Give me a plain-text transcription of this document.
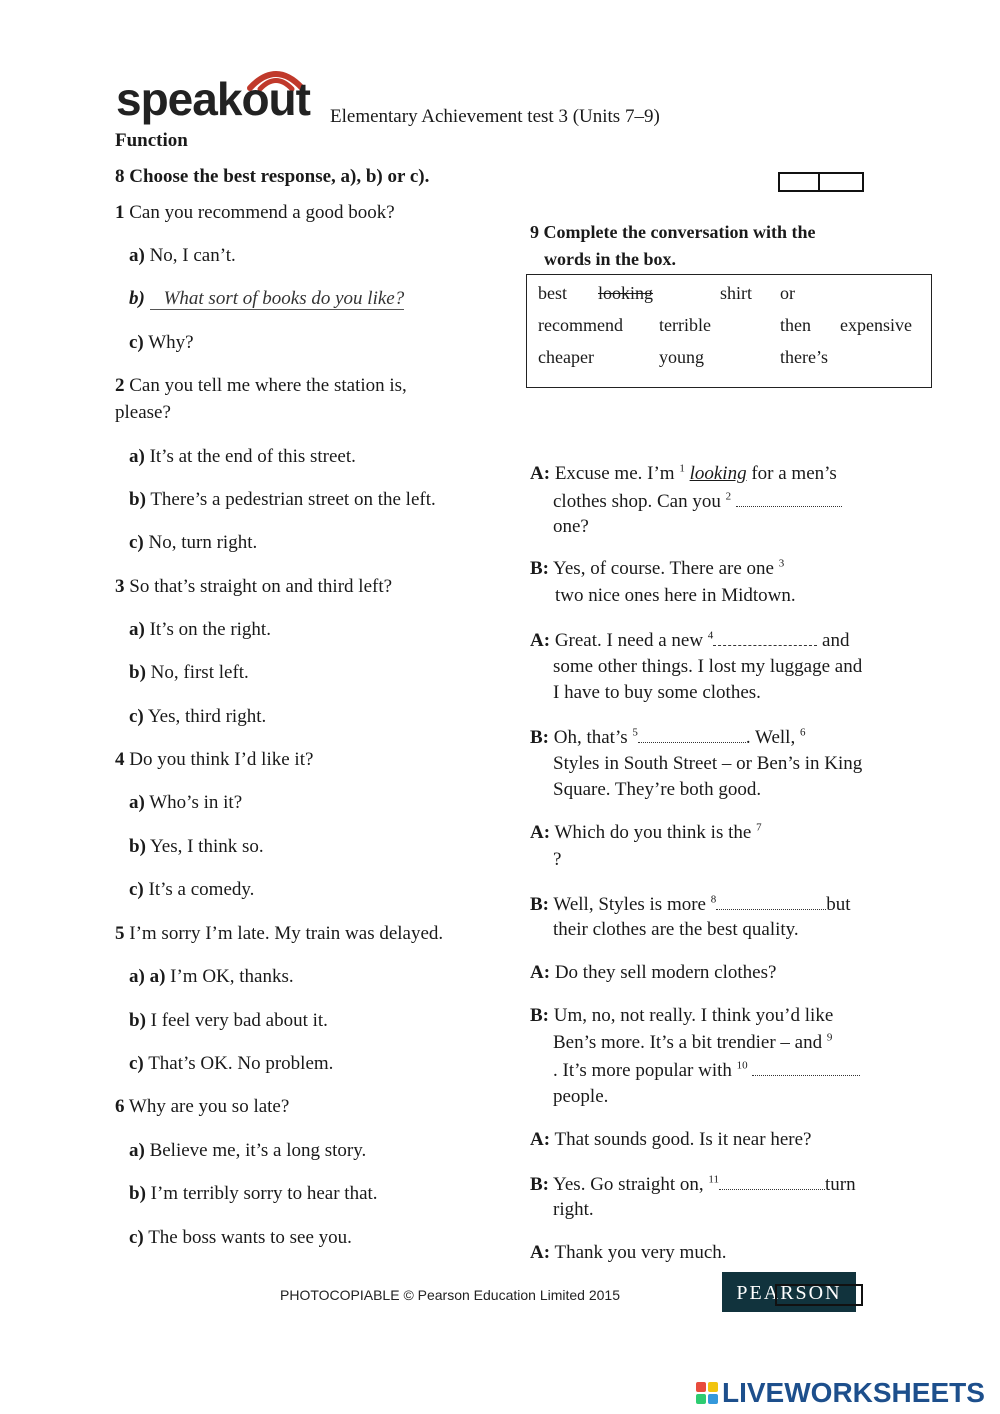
speakout Elementary Achievement test 3 (Units 7–9)
Function
8 Choose the best response, a), b) or c).
1 Can you recommend a good book?
a) No, I can’t.
b) What sort of books do you like?
c) Why?
2 Can you tell me where the station is,
please?
a) It’s at the end of this street.
b) There’s a pedestrian street on the left.
c) No, turn right.
3 So that’s straight on and third left?
a) It’s on the right.
b) No, first left.
c) Yes, third right.
4 Do you think I’d like it?
a) Who’s in it?
b) Yes, I think so.
c) It’s a comedy.
5 I’m sorry I’m late. My train was delayed.
a) a) I’m OK, thanks.
b) I feel very bad about it.
c) That’s OK. No problem.
6 Why are you so late?
a) Believe me, it’s a long story.
b) I’m terribly sorry to hear that.
c) The boss wants to see you.
9 Complete the conversation with the
words in the box.
best looking	shirt or
recommend terrible	then expensive
cheaper	young	there’s
A: Excuse me. I’m $^1$ looking for a men’s
clothes shop. Can you $^2$
one?
B: Yes, of course. There are one $^3$
two nice ones here in Midtown.
A: Great. I need a new $^4$	and
some other things. I lost my luggage and
I have to buy some clothes.
B: Oh, that’s $^5$	. Well, $^6$
Styles in South Street – or Ben’s in King
Square. They’re both good.
A: Which do you think is the $^7$
?
B: Well, Styles is more $^8$	but
their clothes are the best quality.
A: Do they sell modern clothes?
B: Um, no, not really. I think you’d like
Ben’s more. It’s a bit trendier – and $^9$
. It’s more popular with $^{10}$
people.
A: That sounds good. Is it near here?
B: Yes. Go straight on, $^{11}$	turn
right.
A: Thank you very much.
PHOTOCOPIABLE © Pearson Education Limited 2015	PEARSON
LIVEWORKSHEETS
